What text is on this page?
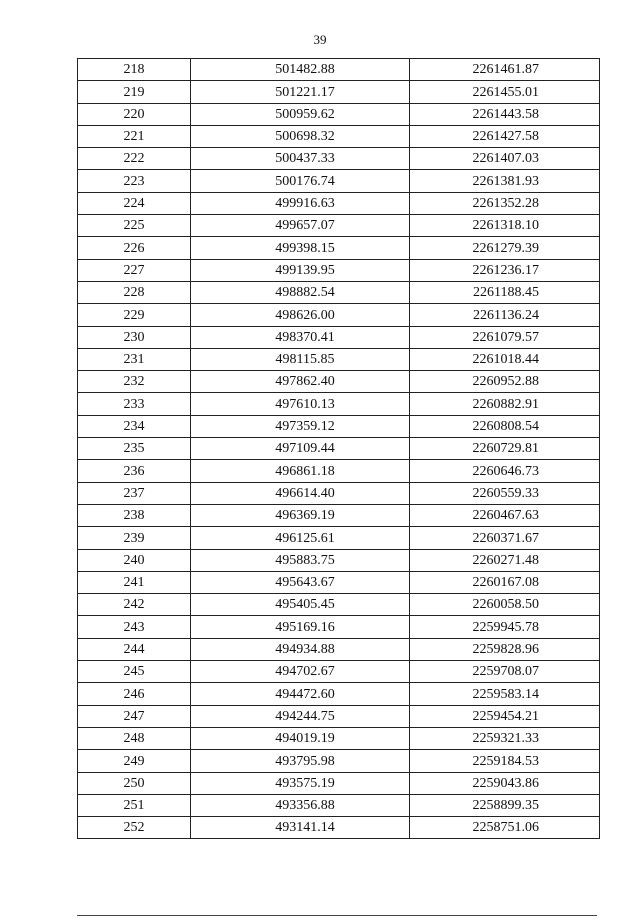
39
218	501482.88	2261461.87
219	501221.17	2261455.01
220	500959.62	2261443.58
221	500698.32	2261427.58
222	500437.33	2261407.03
223	500176.74	2261381.93
224	499916.63	2261352.28
225	499657.07	2261318.10
226	499398.15	2261279.39
227	499139.95	2261236.17
228	498882.54	2261188.45
229	498626.00	2261136.24
230	498370.41	2261079.57
231	498115.85	2261018.44
232	497862.40	2260952.88
233	497610.13	2260882.91
234	497359.12	2260808.54
235	497109.44	2260729.81
236	496861.18	2260646.73
237	496614.40	2260559.33
238	496369.19	2260467.63
239	496125.61	2260371.67
240	495883.75	2260271.48
241	495643.67	2260167.08
242	495405.45	2260058.50
243	495169.16	2259945.78
244	494934.88	2259828.96
245	494702.67	2259708.07
246	494472.60	2259583.14
247	494244.75	2259454.21
248	494019.19	2259321.33
249	493795.98	2259184.53
250	493575.19	2259043.86
251	493356.88	2258899.35
252	493141.14	2258751.06
